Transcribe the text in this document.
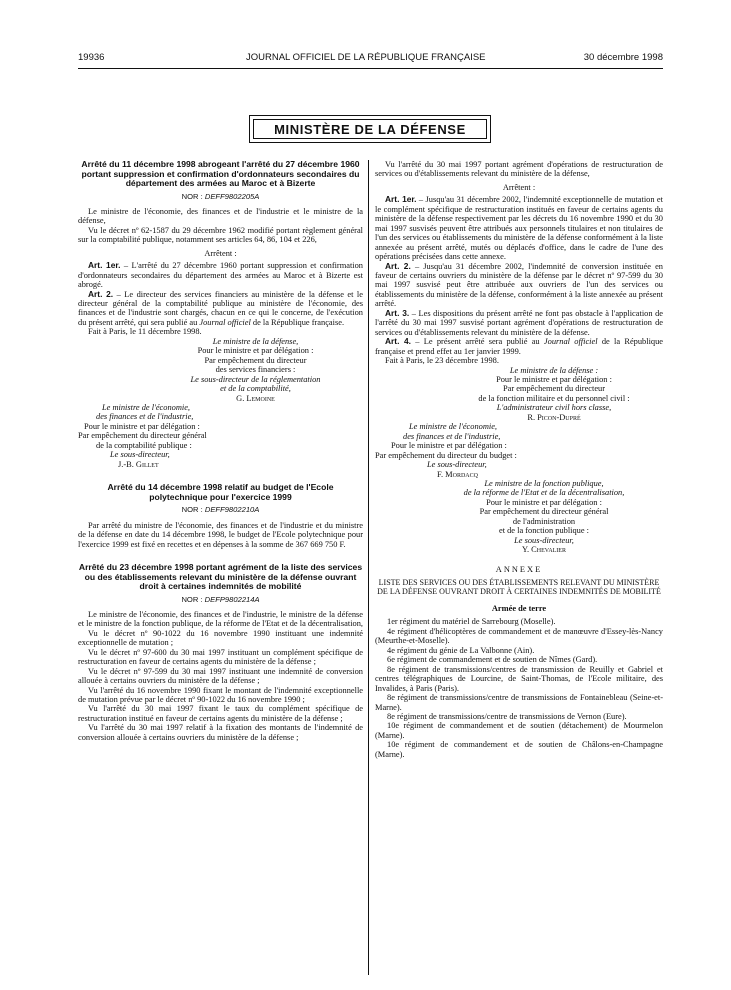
19936	JOURNAL OFFICIEL DE LA RÉPUBLIQUE FRANÇAISE	30 décembre 1998
MINISTÈRE DE LA DÉFENSE

Arrêté du 11 décembre 1998 abrogeant l'arrêté du 27 décembre 1960 portant suppression et confirmation d'ordonnateurs secondaires du département des armées au Maroc et à Bizerte

NOR : DEFF9802205A

Le ministre de l'économie, des finances et de l'industrie et le ministre de la défense,

Vu le décret nº 62-1587 du 29 décembre 1962 modifié portant règlement général sur la comptabilité publique, notamment ses articles 64, 86, 104 et 226,

Arrêtent :

Art. 1er. – L'arrêté du 27 décembre 1960 portant suppression et confirmation d'ordonnateurs secondaires du département des armées au Maroc et à Bizerte est abrogé.

Art. 2. – Le directeur des services financiers au ministère de la défense et le directeur général de la comptabilité publique au ministère de l'économie, des finances et de l'industrie sont chargés, chacun en ce qui le concerne, de l'exécution du présent arrêté, qui sera publié au Journal officiel de la République française.

Fait à Paris, le 11 décembre 1998.

Le ministre de la défense,

Pour le ministre et par délégation :

Par empêchement du directeur

des services financiers :

Le sous-directeur de la réglementation

et de la comptabilité,

G. Lemoine

Le ministre de l'économie,

des finances et de l'industrie,

Pour le ministre et par délégation :

Par empêchement du directeur général

de la comptabilité publique :

Le sous-directeur,

J.-B. Gillet

Arrêté du 14 décembre 1998 relatif au budget de l'Ecole polytechnique pour l'exercice 1999

NOR : DEFF9802210A

Par arrêté du ministre de l'économie, des finances et de l'industrie et du ministre de la défense en date du 14 décembre 1998, le budget de l'Ecole polytechnique pour l'exercice 1999 est fixé en recettes et en dépenses à la somme de 367 669 750 F.

Arrêté du 23 décembre 1998 portant agrément de la liste des services ou des établissements relevant du ministère de la défense ouvrant droit à certaines indemnités de mobilité

NOR : DEFP9802214A

Le ministre de l'économie, des finances et de l'industrie, le ministre de la défense et le ministre de la fonction publique, de la réforme de l'Etat et de la décentralisation,

Vu le décret nº 90-1022 du 16 novembre 1990 instituant une indemnité exceptionnelle de mutation ;

Vu le décret nº 97-600 du 30 mai 1997 instituant un complément spécifique de restructuration en faveur de certains agents du ministère de la défense ;

Vu le décret nº 97-599 du 30 mai 1997 instituant une indemnité de conversion allouée à certains ouvriers du ministère de la défense ;

Vu l'arrêté du 16 novembre 1990 fixant le montant de l'indemnité exceptionnelle de mutation prévue par le décret nº 90-1022 du 16 novembre 1990 ;

Vu l'arrêté du 30 mai 1997 fixant le taux du complément spécifique de restructuration institué en faveur de certains agents du ministère de la défense ;

Vu l'arrêté du 30 mai 1997 relatif à la fixation des montants de l'indemnité de conversion allouée à certains ouvriers du ministère de la défense ;

Vu l'arrêté du 30 mai 1997 portant agrément d'opérations de restructuration de services ou d'établissements relevant du ministère de la défense,

Arrêtent :

Art. 1er. – Jusqu'au 31 décembre 2002, l'indemnité exceptionnelle de mutation et le complément spécifique de restructuration institués en faveur de certains agents du ministère de la défense respectivement par les décrets du 16 novembre 1990 et du 30 mai 1997 susvisés peuvent être attribués aux personnels titulaires et non titulaires de l'un des services ou établissements du ministère de la défense conformément à la liste annexée au présent arrêté, mutés ou déplacés d'office, dans le cadre de l'une des opérations précisées dans cette annexe.

Art. 2. – Jusqu'au 31 décembre 2002, l'indemnité de conversion instituée en faveur de certains ouvriers du ministère de la défense par le décret nº 97-599 du 30 mai 1997 susvisé peut être attribuée aux ouvriers de l'un des services ou établissements du ministère de la défense, conformément à la liste annexée au présent arrêté.

Art. 3. – Les dispositions du présent arrêté ne font pas obstacle à l'application de l'arrêté du 30 mai 1997 susvisé portant agrément d'opérations de restructuration de services ou d'établissements relevant du ministère de la défense.

Art. 4. – Le présent arrêté sera publié au Journal officiel de la République française et prend effet au 1er janvier 1999.

Fait à Paris, le 23 décembre 1998.

Le ministre de la défense :

Pour le ministre et par délégation :

Par empêchement du directeur

de la fonction militaire et du personnel civil :

L'administrateur civil hors classe,

R. Picon-Dupré

Le ministre de l'économie,

des finances et de l'industrie,

Pour le ministre et par délégation :

Par empêchement du directeur du budget :

Le sous-directeur,

F. Mordacq

Le ministre de la fonction publique,

de la réforme de l'Etat et de la décentralisation,

Pour le ministre et par délégation :

Par empêchement du directeur général

de l'administration

et de la fonction publique :

Le sous-directeur,

Y. Chevalier

ANNEXE

LISTE DES SERVICES OU DES ÉTABLISSEMENTS RELEVANT DU MINISTÈRE DE LA DÉFENSE OUVRANT DROIT À CERTAINES INDEMNITÉS DE MOBILITÉ

Armée de terre

1er régiment du matériel de Sarrebourg (Moselle).

4e régiment d'hélicoptères de commandement et de manœuvre d'Essey-lès-Nancy (Meurthe-et-Moselle).

4e régiment du génie de La Valbonne (Ain).

6e régiment de commandement et de soutien de Nîmes (Gard).

8e régiment de transmissions/centres de transmission de Reuilly et Gabriel et centres télégraphiques de Lourcine, de Saint-Thomas, de l'Ecole militaire, des Invalides, à Paris (Paris).

8e régiment de transmissions/centre de transmissions de Fontainebleau (Seine-et-Marne).

8e régiment de transmissions/centre de transmissions de Vernon (Eure).

10e régiment de commandement et de soutien (détachement) de Mourmelon (Marne).

10e régiment de commandement et de soutien de Châlons-en-Champagne (Marne).
